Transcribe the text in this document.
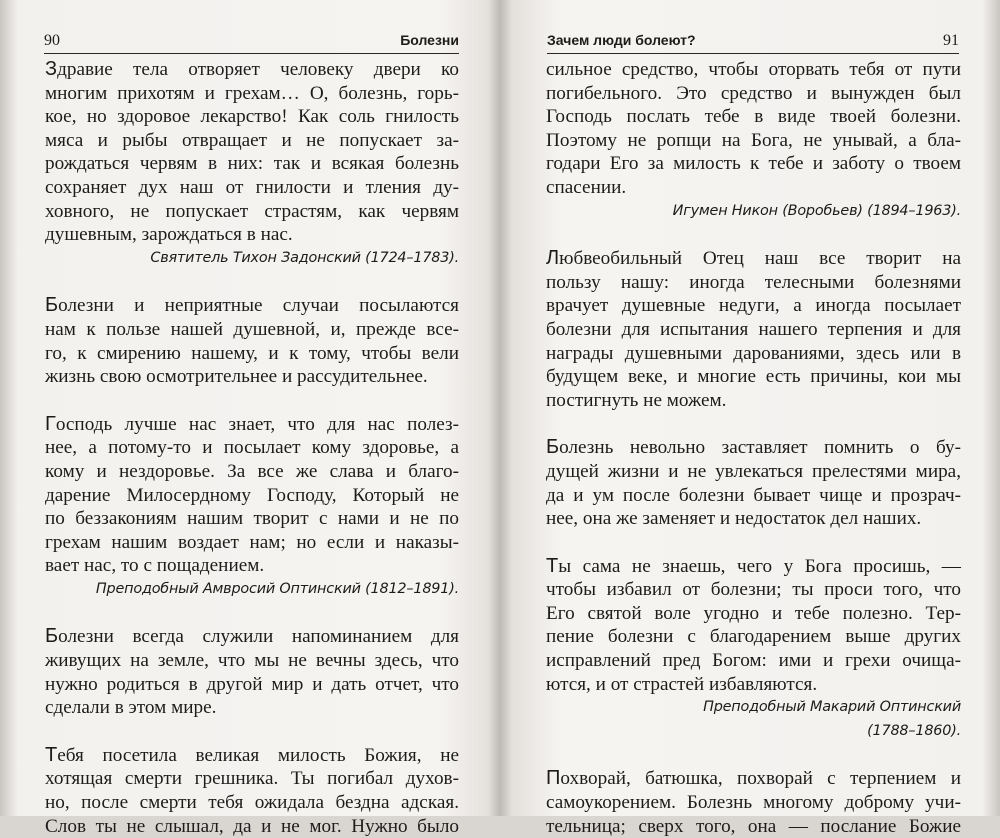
90	Болезни
Здравие тела отворяет человеку двери ко
многим прихотям и грехам… О, болезнь, горь-
кое, но здоровое лекарство! Как соль гнилость
мяса и рыбы отвращает и не попускает за-
рождаться червям в них: так и всякая болезнь
сохраняет дух наш от гнилости и тления ду-
ховного, не попускает страстям, как червям
душевным, зарождаться в нас.
Святитель Тихон Задонский (1724–1783).
Болезни и неприятные случаи посылаются
нам к пользе нашей душевной, и, прежде все-
го, к смирению нашему, и к тому, чтобы вели
жизнь свою осмотрительнее и рассудительнее.
Господь лучше нас знает, что для нас полез-
нее, а потому-то и посылает кому здоровье, а
кому и нездоровье. За все же слава и благо-
дарение Милосердному Господу, Который не
по беззакониям нашим творит с нами и не по
грехам нашим воздает нам; но если и наказы-
вает нас, то с пощадением.
Преподобный Амвросий Оптинский (1812–1891).
Болезни всегда служили напоминанием для
живущих на земле, что мы не вечны здесь, что
нужно родиться в другой мир и дать отчет, что
сделали в этом мире.
Тебя посетила великая милость Божия, не
хотящая смерти грешника. Ты погибал духов-
но, после смерти тебя ожидала бездна адская.
Слов ты не слышал, да и не мог. Нужно было
Зачем люди болеют?	91
сильное средство, чтобы оторвать тебя от пути
погибельного. Это средство и вынужден был
Господь послать тебе в виде твоей болезни.
Поэтому не ропщи на Бога, не унывай, а бла-
годари Его за милость к тебе и заботу о твоем
спасении.
Игумен Никон (Воробьев) (1894–1963).
Любвеобильный Отец наш все творит на
пользу нашу: иногда телесными болезнями
врачует душевные недуги, а иногда посылает
болезни для испытания нашего терпения и для
награды душевными дарованиями, здесь или в
будущем веке, и многие есть причины, кои мы
постигнуть не можем.
Болезнь невольно заставляет помнить о бу-
дущей жизни и не увлекаться прелестями мира,
да и ум после болезни бывает чище и прозрач-
нее, она же заменяет и недостаток дел наших.
Ты сама не знаешь, чего у Бога просишь, —
чтобы избавил от болезни; ты проси того, что
Его святой воле угодно и тебе полезно. Тер-
пение болезни с благодарением выше других
исправлений пред Богом: ими и грехи очища-
ются, и от страстей избавляются.
Преподобный Макарий Оптинский
(1788–1860).
Похворай, батюшка, похворай с терпением и
самоукорением. Болезнь многому доброму учи-
тельница; сверх того, она — послание Божие
